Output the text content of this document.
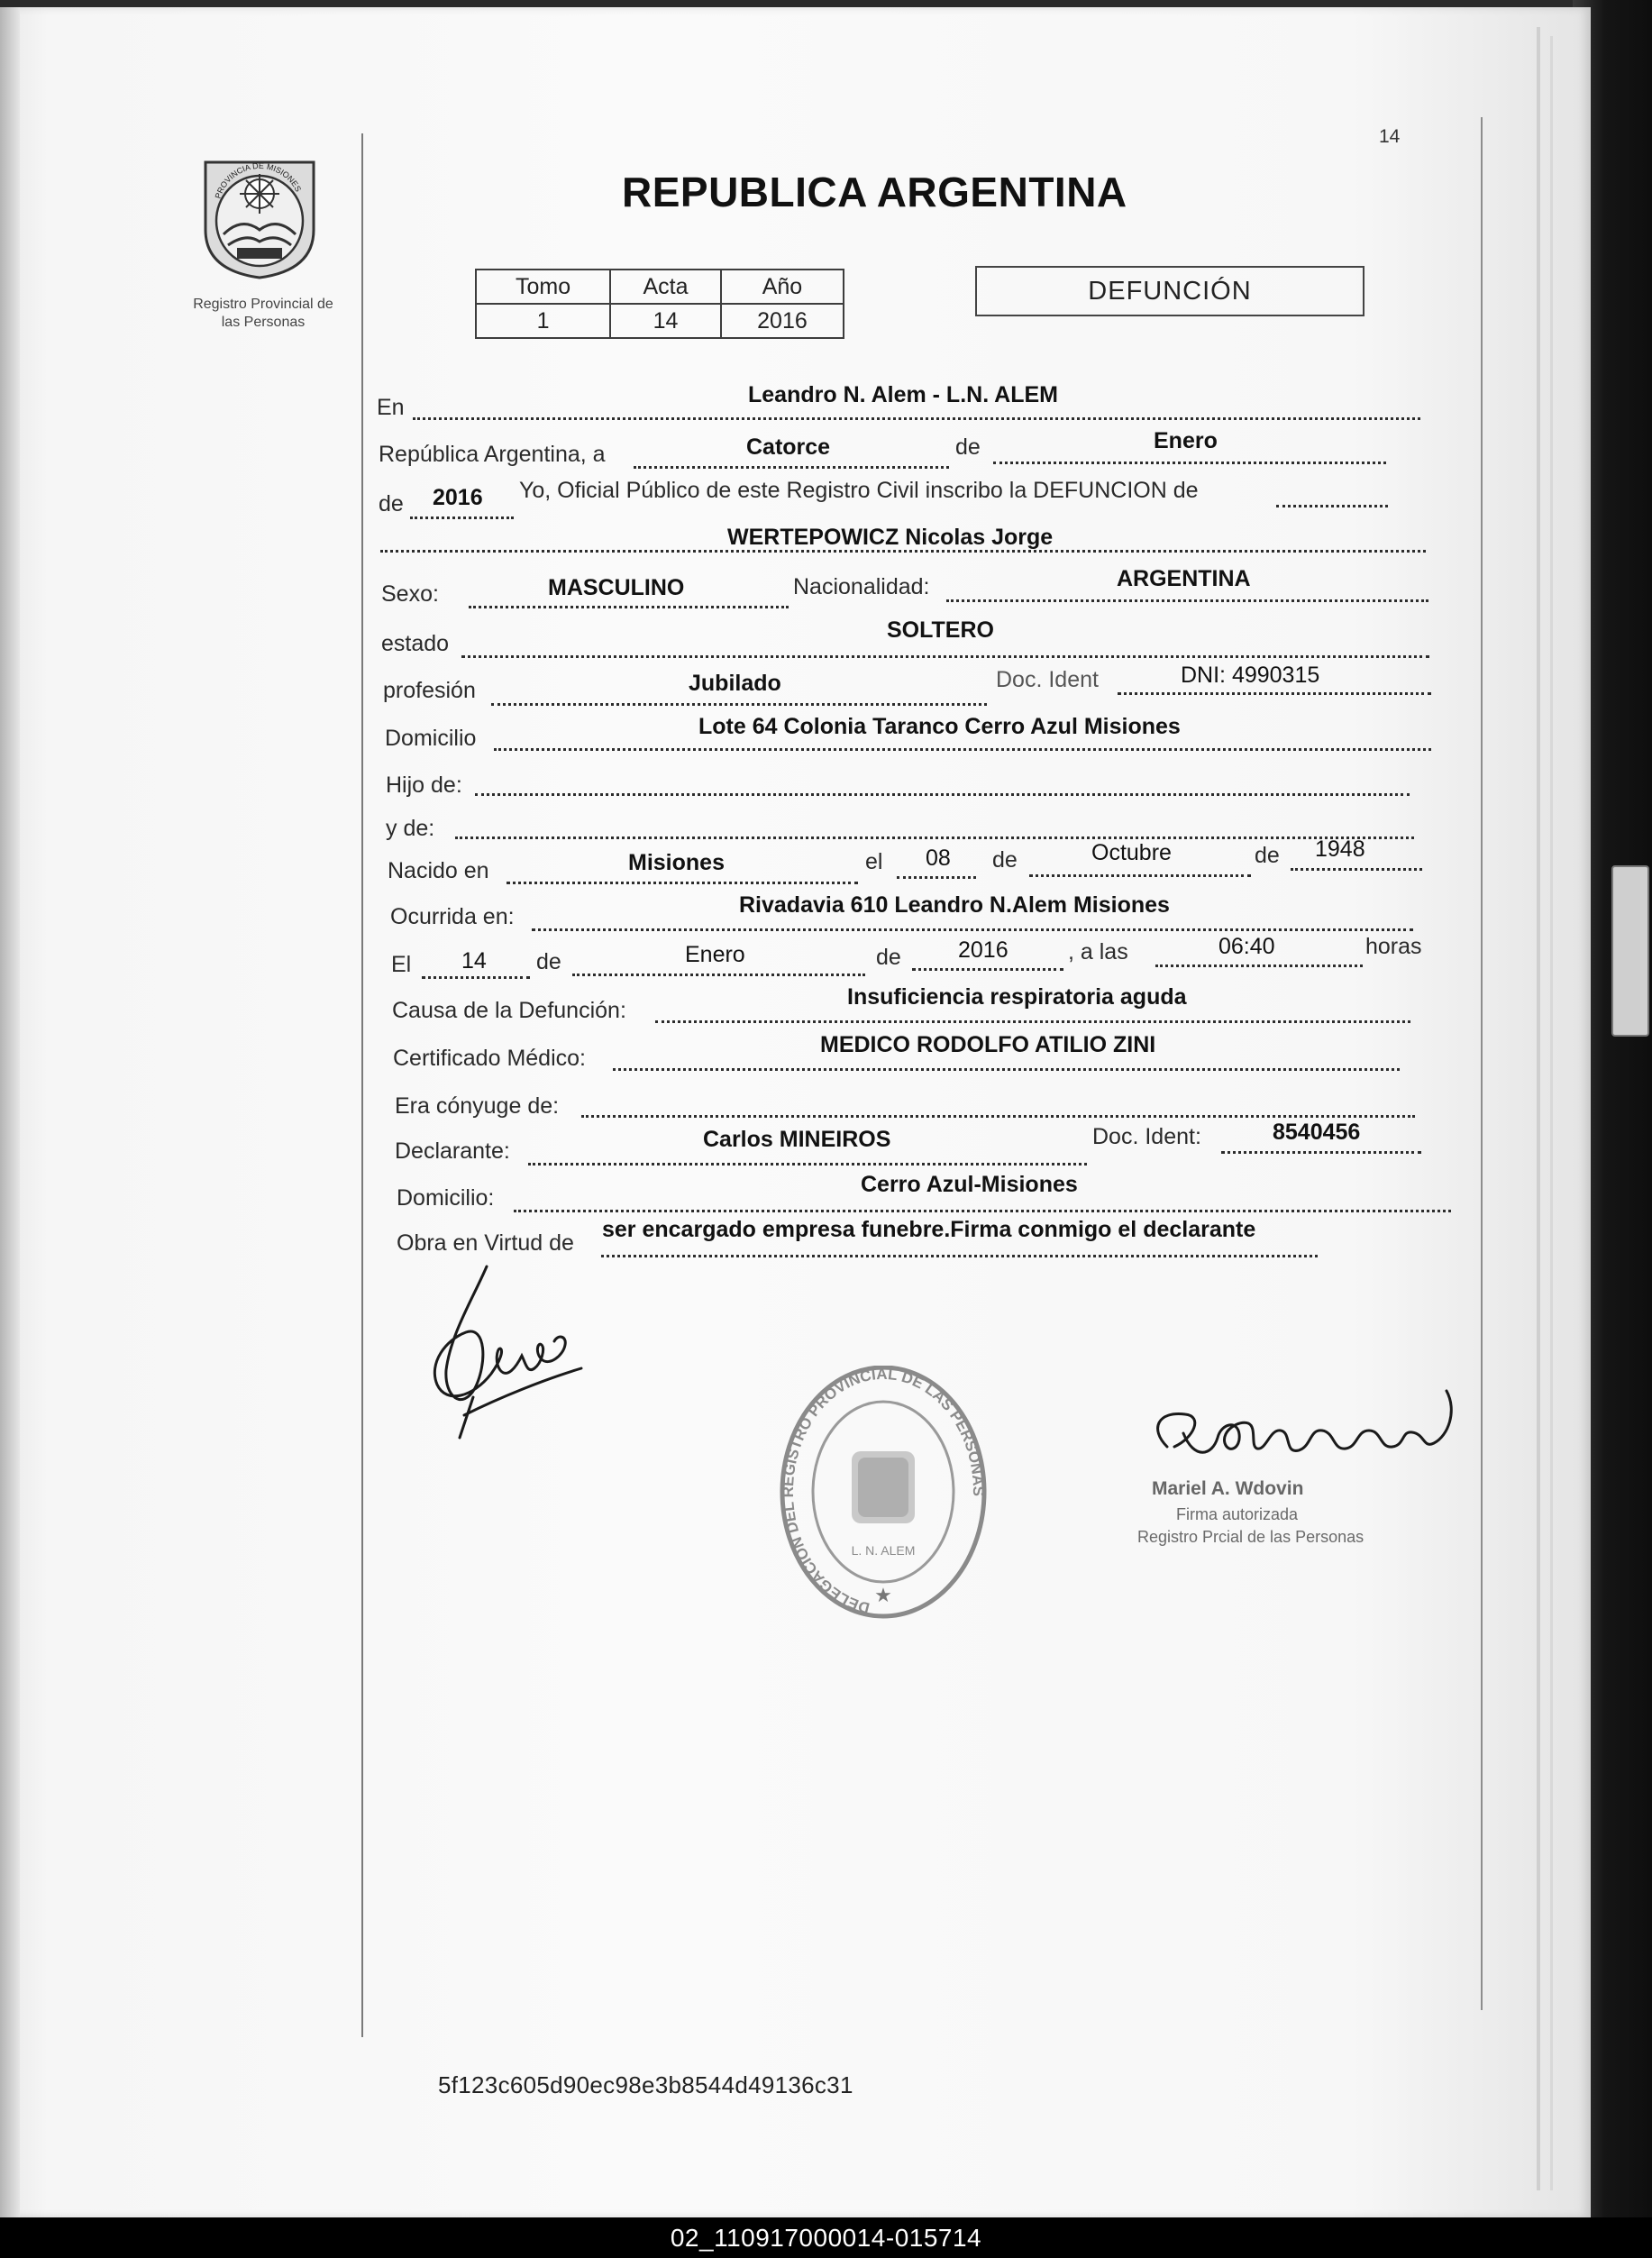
PROVINCIA DE MISIONES
Registro Provincial de
las Personas
14
REPUBLICA ARGENTINA
Tomo	Acta	Año
1	14	2016
DEFUNCIÓN
En	Leandro N. Alem - L.N. ALEM
República Argentina, a	Catorce	de	Enero
de 2016 Yo, Oficial Público de este Registro Civil inscribo la DEFUNCION de
WERTEPOWICZ Nicolas Jorge
Sexo:	MASCULINO	Nacionalidad:	ARGENTINA
estado
SOLTERO
profesión	Jubilado	Doc. Ident	DNI: 4990315
Domicilio	Lote 64 Colonia Taranco Cerro Azul Misiones
Hijo de:
y de:
Nacido en	Misiones	el 08 de	Octubre	de 1948
Ocurrida en:	Rivadavia 610 Leandro N.Alem Misiones
El 14 de	Enero	de	2016	, a las	06:40	horas
Causa de la Defunción:
Insuficiencia respiratoria aguda
Certificado Médico:
MEDICO RODOLFO ATILIO ZINI
Era cónyuge de:
Declarante:	Carlos MINEIROS	Doc. Ident:	8540456
Domicilio:
Cerro Azul-Misiones
Obra en Virtud de
ser encargado empresa funebre.Firma conmigo el declarante
DELEGACION DEL REGISTRO PROVINCIAL DE LAS PERSONAS
L. N. ALEM
★
Mariel A. Wdovin
Firma autorizada
Registro Prcial de las Personas
5f123c605d90ec98e3b8544d49136c31
02_110917000014-015714
